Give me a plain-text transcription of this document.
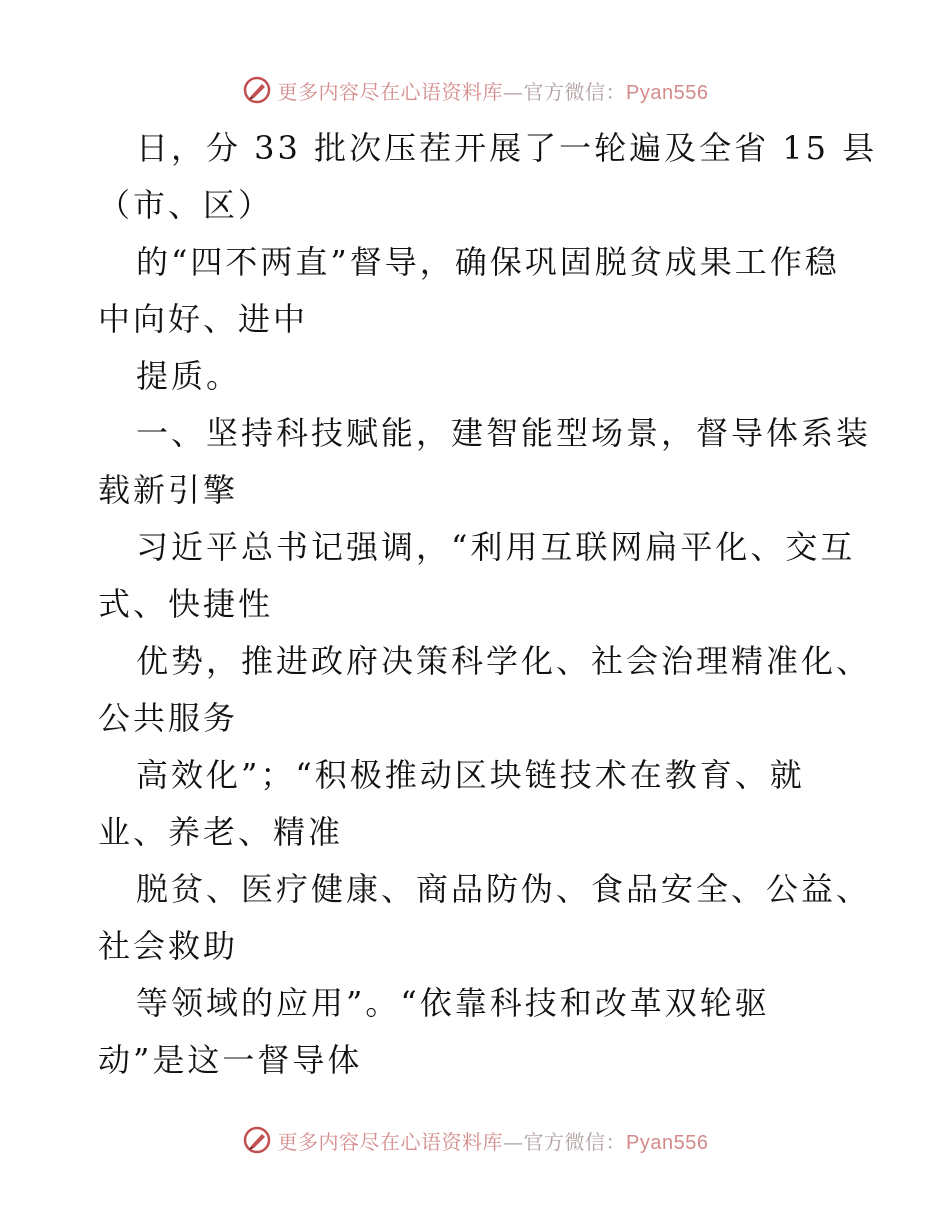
更多内容尽在心语资料库—官方微信：Pyan556
日，分 33 批次压茬开展了一轮遍及全省 15 县
（市、区）
的“四不两直”督导，确保巩固脱贫成果工作稳
中向好、进中
提质。
一、坚持科技赋能，建智能型场景，督导体系装
载新引擎
习近平总书记强调，“利用互联网扁平化、交互
式、快捷性
优势，推进政府决策科学化、社会治理精准化、
公共服务
高效化”；“积极推动区块链技术在教育、就
业、养老、精准
脱贫、医疗健康、商品防伪、食品安全、公益、
社会救助
等领域的应用”。“依靠科技和改革双轮驱
动”是这一督导体
更多内容尽在心语资料库—官方微信：Pyan556
